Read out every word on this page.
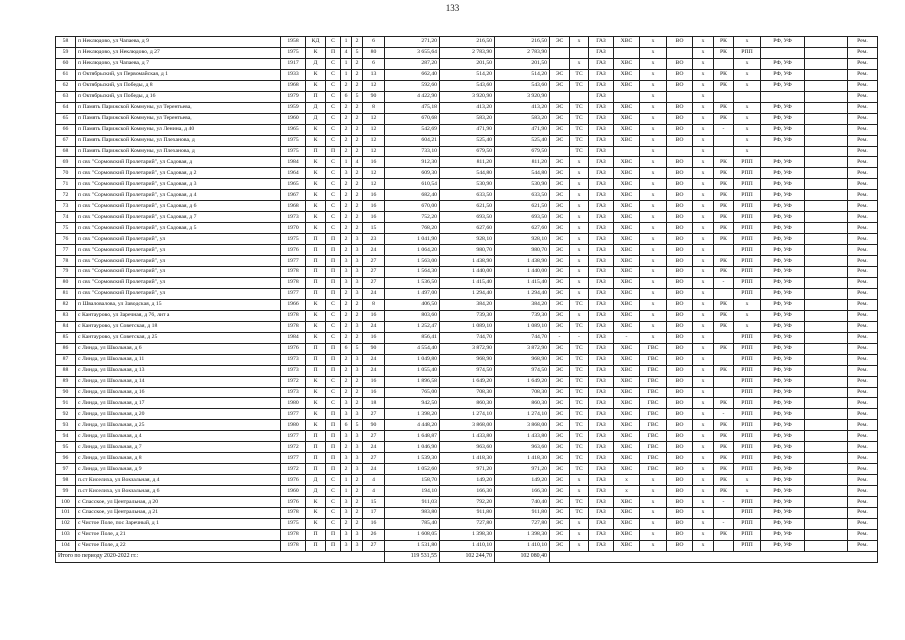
133
58	п Неклюдово, ул Чапаева, д 9	1958	КД	С	1	2	6	271,20	216,50	216,50	ЭС	х	ГАЗ	ХВС	х	ВО	х	РК	х	РФ, УФ		Рем.
59	п Неклюдово, ул Неклюдово, д 27	1975	К	П	4	5	80	3 655,64	2 783,90	2 783,90			ГАЗ		х		х	РК	РПП			Рем.
60	п Неклюдово, ул Чапаева, д 7	1917	Д	С	1	2	6	287,20	201,50	201,50		х	ГАЗ	ХВС	х	ВО	х		х	РФ, УФ		Рем.
61	п Октябрьский, ул Первомайская, д 1	1933	К	С	1	2	13	662,40	514,20	514,20	ЭС	ТС	ГАЗ	ХВС	х	ВО	х	РК	х	РФ, УФ		Рем.
62	п Октябрьский, ул Победы, д 8	1968	К	С	2	2	12	592,60	543,60	543,60	ЭС	ТС	ГАЗ	ХВС	х	ВО	х	РК	х	РФ, УФ		Рем.
63	п Октябрьский, ул Победы, д 16	1979	П	С	6	5	90	4 422,90	3 920,90	3 920,90			ГАЗ		х		х					Рем.
64	п Память Парижской Коммуны, ул Терентьева,	1959	Д	С	2	2	8	475,18	413,20	413,20	ЭС	ТС	ГАЗ	ХВС	х	ВО	х	РК	х	РФ, УФ		Рем.
65	п Память Парижской Коммуны, ул Терентьева,	1960	Д	С	2	2	12	670,68	583,20	583,20	ЭС	ТС	ГАЗ	ХВС	х	ВО	х	РК	х	РФ, УФ		Рем.
66	п Память Парижской Коммуны, ул Ленина, д 40	1965	К	С	2	2	12	542,69	471,90	471,90	ЭС	ТС	ГАЗ	ХВС	х	ВО	х	-	х	РФ, УФ		Рем.
67	п Память Парижской Коммуны, ул Плеханова, д	1975	К	С	2	2	12	604,21	525,40	525,40	ЭС	ТС	ГАЗ	ХВС	х	ВО	х		х	РФ, УФ		Рем.
68	п Память Парижской Коммуны, ул Плеханова, д	1975	П	П	2	2	12	733,10	679,50	679,50		ТС	ГАЗ		х		х		х			Рем.
69	п свх "Сормовский Пролетарий", ул Садовая, д	1984	К	С	1	4	16	912,30	811,20	811,20	ЭС	х	ГАЗ	ХВС	х	ВО	х	РК	РПП	РФ, УФ		Рем.
70	п свх "Сормовский Пролетарий", ул Садовая, д 2	1964	К	С	3	2	12	609,30	544,80	544,80	ЭС	х	ГАЗ	ХВС	х	ВО	х	РК	РПП	РФ, УФ		Рем.
71	п свх "Сормовский Пролетарий", ул Садовая, д 3	1965	К	С	2	2	12	610,54	530,90	530,90	ЭС	х	ГАЗ	ХВС	х	ВО	х	РК	РПП	РФ, УФ		Рем.
72	п свх "Сормовский Пролетарий", ул Садовая, д 4	1967	К	С	2	2	16	682,40	633,50	633,50	ЭС	х	ГАЗ	ХВС	х	ВО	х	РК	РПП	РФ, УФ		Рем.
73	п свх "Сормовский Пролетарий", ул Садовая, д 6	1968	К	С	2	2	16	670,00	621,50	621,50	ЭС	х	ГАЗ	ХВС	х	ВО	х	РК	РПП	РФ, УФ		Рем.
74	п свх "Сормовский Пролетарий", ул Садовая, д 7	1973	К	С	2	2	16	752,20	693,50	693,50	ЭС	х	ГАЗ	ХВС	х	ВО	х	РК	РПП	РФ, УФ		Рем.
75	п свх "Сормовский Пролетарий", ул Садовая, д 5	1970	К	С	2	2	15	768,20	627,60	627,60	ЭС	х	ГАЗ	ХВС	х	ВО	х	РК	РПП	РФ, УФ		Рем.
76	п свх "Сормовский Пролетарий", ул	1975	П	П	2	3	23	1 041,90	928,10	928,10	ЭС	х	ГАЗ	ХВС	х	ВО	х	РК	РПП	РФ, УФ		Рем.
77	п свх "Сормовский Пролетарий", ул	1976	П	П	2	3	24	1 064,20	980,70	980,70	ЭС	х	ГАЗ	ХВС	х	ВО	х		РПП	РФ, УФ		Рем.
78	п свх "Сормовский Пролетарий", ул	1977	П	П	3	3	27	1 563,00	1 438,90	1 438,90	ЭС	х	ГАЗ	ХВС	х	ВО	х	РК	РПП	РФ, УФ		Рем.
79	п свх "Сормовский Пролетарий", ул	1978	П	П	3	3	27	1 564,30	1 440,00	1 440,00	ЭС	х	ГАЗ	ХВС	х	ВО	х	РК	РПП	РФ, УФ		Рем.
80	п свх "Сормовский Пролетарий", ул	1978	П	П	3	3	27	1 536,50	1 415,40	1 415,40	ЭС	х	ГАЗ	ХВС	х	ВО	х	-	РПП	РФ, УФ		Рем.
81	п свх "Сормовский Пролетарий", ул	1977	П	П	2	3	24	1 497,00	1 294,40	1 294,40	ЭС	х	ГАЗ	ХВС	х	ВО	х		РПП	РФ, УФ		Рем.
82	п Шваловалова, ул Заводская, д 15	1966	К	С	2	2	8	406,50	384,20	384,20	ЭС	ТС	ГАЗ	ХВС	х	ВО	х	РК	х	РФ, УФ		Рем.
83	с Кантаурово, ул Заречная, д 76, лит а	1978	К	С	2	2	16	803,60	739,30	739,30	ЭС	х	ГАЗ	ХВС	х	ВО	х	РК	х	РФ, УФ		Рем.
84	с Кантаурово, ул Советская, д 18	1978	К	С	2	3	24	1 252,47	1 089,10	1 089,10	ЭС	ТС	ГАЗ	ХВС	х	ВО	х	РК	х	РФ, УФ		Рем.
85	с Кантаурово, ул Советская, д 25	1984	К	С	2	2	16	856,41	744,70	744,70	-	-	ГАЗ	-	х	ВО	х		РПП	РФ, УФ		Рем.
86	с Линда, ул Школьная, д 6	1976	П	П	6	5	90	4 554,40	3 872,90	3 872,90	ЭС	ТС	ГАЗ	ХВС	ГВС	ВО	х	РК	РПП	РФ, УФ		Рем.
87	с Линда, ул Школьная, д 11	1973	П	П	2	3	24	1 049,80	968,90	968,90	ЭС	ТС	ГАЗ	ХВС	ГВС	ВО	х		РПП	РФ, УФ		Рем.
88	с Линда, ул Школьная, д 13	1973	П	П	2	3	24	1 055,40	974,50	974,50	ЭС	ТС	ГАЗ	ХВС	ГВС	ВО	х	РК	РПП	РФ, УФ		Рем.
89	с Линда, ул Школьная, д 14	1972	К	С	2	2	16	1 896,58	1 649,20	1 649,20	ЭС	ТС	ГАЗ	ХВС	ГВС	ВО	х		РПП	РФ, УФ		Рем.
90	с Линда, ул Школьная, д 16	1973	К	С	2	2	16	765,00	708,30	708,30	ЭС	ТС	ГАЗ	ХВС	ГВС	ВО	х		РПП	РФ, УФ		Рем.
91	с Линда, ул Школьная, д 17	1980	К	С	3	2	18	942,50	860,30	860,30	ЭС	ТС	ГАЗ	ХВС	ГВС	ВО	х	РК	РПП	РФ, УФ		Рем.
92	с Линда, ул Школьная, д 20	1977	К	П	3	3	27	1 398,20	1 274,10	1 274,10	ЭС	ТС	ГАЗ	ХВС	ГВС	ВО	х	-	РПП	РФ, УФ		Рем.
93	с Линда, ул Школьная, д 25	1980	К	П	6	5	90	4 448,20	3 868,00	3 868,00	ЭС	ТС	ГАЗ	ХВС	ГВС	ВО	х	РК	РПП	РФ, УФ		Рем.
94	с Линда, ул Школьная, д 4	1977	П	П	3	3	27	1 648,87	1 433,80	1 433,80	ЭС	ТС	ГАЗ	ХВС	ГВС	ВО	х	РК	РПП	РФ, УФ		Рем.
95	с Линда, ул Школьная, д 7	1972	П	П	2	3	24	1 046,90	963,60	963,60	ЭС	ТС	ГАЗ	ХВС	ГВС	ВО	х	РК	РПП	РФ, УФ		Рем.
96	с Линда, ул Школьная, д 8	1977	П	П	3	3	27	1 539,30	1 418,30	1 418,30	ЭС	ТС	ГАЗ	ХВС	ГВС	ВО	х	РК	РПП	РФ, УФ		Рем.
97	с Линда, ул Школьная, д 9	1972	П	П	2	3	24	1 052,60	971,20	971,20	ЭС	ТС	ГАЗ	ХВС	ГВС	ВО	х	РК	РПП	РФ, УФ		Рем.
98	п.ст Киселиха, ул Вокзальная, д 4	1976	Д	С	1	2	4	158,70	149,20	149,20	ЭС	х	ГАЗ	х	х	ВО	х	РК	х	РФ, УФ		Рем.
99	п.ст Киселиха, ул Вокзальная, д 6	1960	Д	С	1	2	4	194,10	166,30	166,30	ЭС	х	ГАЗ	х	х	ВО	х	РК	х	РФ, УФ		Рем.
100	с Спасское, ул Центральная, д 20	1976	К	С	3	2	15	911,03	792,20	740,40	ЭС	ТС	ГАЗ	ХВС	х	ВО	х	-	РПП	РФ, УФ		Рем.
101	с Спасское, ул Центральная, д 21	1978	К	С	3	2	17	983,80	911,80	911,80	ЭС	ТС	ГАЗ	ХВС	х	ВО	х		РПП	РФ, УФ		Рем.
102	с Чистое Поле, пос Заречный, д 1	1975	К	С	2	2	16	785,40	727,80	727,80	ЭС	х	ГАЗ	ХВС	х	ВО	х	-	РПП	РФ, УФ		Рем.
103	с Чистое Поле, д 21	1978	П	П	3	3	26	1 608,05	1 398,30	1 398,30	ЭС	х	ГАЗ	ХВС	х	ВО	х	РК	РПП	РФ, УФ		Рем.
104	с Чистое Поле, д 22	1978	П	П	3	3	27	1 531,80	1 410,10	1 410,10	ЭС	х	ГАЗ	ХВС	х	ВО	х		РПП	РФ, УФ		Рем.
Итого по периоду 2020-2022 гг.:								119 531,55	102 244,70	102 080,40												
